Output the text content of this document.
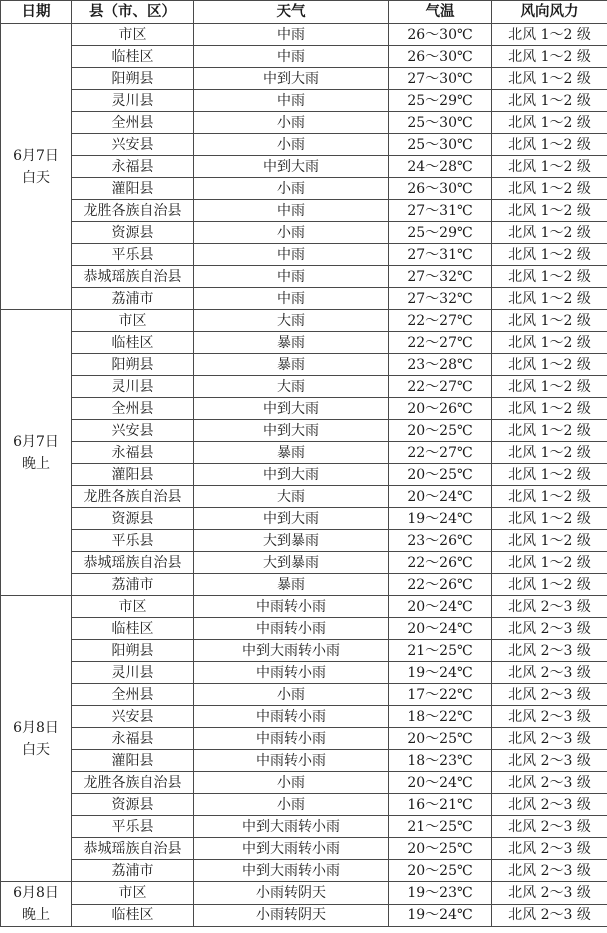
日期	县（市、区）	天气	气温	风向风力

6月7日
白天	市区	中雨	26～30℃	北风 1～2 级
	临桂区	中雨	26～30℃	北风 1～2 级
	阳朔县	中到大雨	27～30℃	北风 1～2 级
	灵川县	中雨	25～29℃	北风 1～2 级
	全州县	小雨	25～30℃	北风 1～2 级
	兴安县	小雨	25～30℃	北风 1～2 级
	永福县	中到大雨	24～28℃	北风 1～2 级
	灌阳县	小雨	26～30℃	北风 1～2 级
	龙胜各族自治县	中雨	27～31℃	北风 1～2 级
	资源县	小雨	25～29℃	北风 1～2 级
	平乐县	中雨	27～31℃	北风 1～2 级
	恭城瑶族自治县	中雨	27～32℃	北风 1～2 级
	荔浦市	中雨	27～32℃	北风 1～2 级

6月7日
晚上	市区	大雨	22～27℃	北风 1～2 级
	临桂区	暴雨	22～27℃	北风 1～2 级
	阳朔县	暴雨	23～28℃	北风 1～2 级
	灵川县	大雨	22～27℃	北风 1～2 级
	全州县	中到大雨	20～26℃	北风 1～2 级
	兴安县	中到大雨	20～25℃	北风 1～2 级
	永福县	暴雨	22～27℃	北风 1～2 级
	灌阳县	中到大雨	20～25℃	北风 1～2 级
	龙胜各族自治县	大雨	20～24℃	北风 1～2 级
	资源县	中到大雨	19～24℃	北风 1～2 级
	平乐县	大到暴雨	23～26℃	北风 1～2 级
	恭城瑶族自治县	大到暴雨	22～26℃	北风 1～2 级
	荔浦市	暴雨	22～26℃	北风 1～2 级

6月8日
白天	市区	中雨转小雨	20～24℃	北风 2～3 级
	临桂区	中雨转小雨	20～24℃	北风 2～3 级
	阳朔县	中到大雨转小雨	21～25℃	北风 2～3 级
	灵川县	中雨转小雨	19～24℃	北风 2～3 级
	全州县	小雨	17～22℃	北风 2～3 级
	兴安县	中雨转小雨	18～22℃	北风 2～3 级
	永福县	中雨转小雨	20～25℃	北风 2～3 级
	灌阳县	中雨转小雨	18～23℃	北风 2～3 级
	龙胜各族自治县	小雨	20～24℃	北风 2～3 级
	资源县	小雨	16～21℃	北风 2～3 级
	平乐县	中到大雨转小雨	21～25℃	北风 2～3 级
	恭城瑶族自治县	中到大雨转小雨	20～25℃	北风 2～3 级
	荔浦市	中到大雨转小雨	20～25℃	北风 2～3 级

6月8日
晚上	市区	小雨转阴天	19～23℃	北风 2～3 级
	临桂区	小雨转阴天	19～24℃	北风 2～3 级
